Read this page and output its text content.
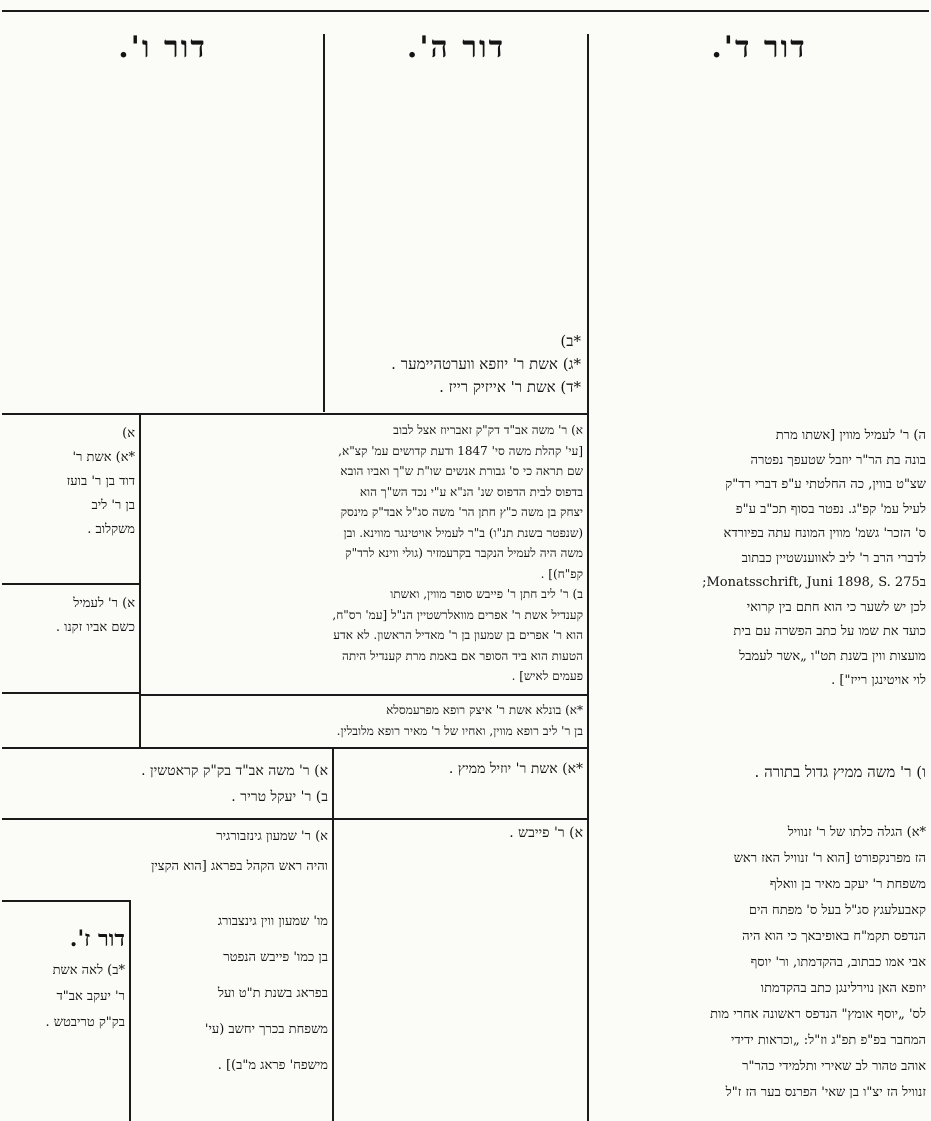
דור ד'.
דור ה'.
דור ו'.
*ב)
*ג) אשת ר' יוזפא ווערטהיימער .
*ד) אשת ר' אייזיק רייז .
ה) ר' לעמיל מווין [אשתו מרת
בונה בת הר"ר יוזבל שטעפך נפטרה
שצ"ט בווין, כה החלטתי ע"פ דברי רד"ק
לעיל עמ' קפ"ג. נפטר בסוף תכ"ב ע"פ
ס' הזכר' גשמ' מווין המונח עתה בפיורדא
לדברי הרב ר' ליב לאווענשטיין כבתוב
בMonatsschrift, Juni 1898, S. 275;
לכן יש לשער כי הוא חתם בין קרואי
כועד את שמו על כתב הפשרה עם בית
מועצות ווין בשנת תט"ו „אשר לעמבל
לוי אויטינגן רייז"] .
א) ר' משה אב"ד דק"ק זאבריוז אצל לבוב
[עי' קהלת משה סי' 1847 ודעת קדושים עמ' קצ"א,
שם תראה כי ס' גבורת אנשים שו"ת ש"ך ואביו הובא
בדפוס לבית הדפוס שנ' הנ"א ע"י נכד הש"ך הוא
יצחק בן משה כ"ץ חתן הר' משה סג"ל אבד"ק מינסק
(שנפטר בשנת תנ"ו) ב"ר לעמיל אויטינגר מווינא. ובן
משה היה לעמיל הנקבר בקרעמזיר (גולי ווינא לרד"ק
קפ"ח)] .
ב) ר' ליב חתן ר' פייבש סופר מווין, ואשתו
קענדיל אשת ר' אפרים מוואלרשטיין הנ"ל [עמ' רס"ח,
הוא ר' אפרים בן שמעון בן ר' מאדיל הראשון. לא אדע
הטעות הוא ביד הסופר אם באמת מרת קענדיל היתה
פעמים לאיש] .
*א) בונלא אשת ר' איצק רופא מפרעמסלא
בן ר' ליב רופא מווין, ואחיו של ר' מאיר רופא מלובלין.
א)
*א) אשת ר'
דוד בן ר' בועז
בן ר' ליב
משקלוב .
א) ר' לעמיל
כשם אביו זקנו .
ו) ר' משה ממיץ גדול בתורה .
*א) אשת ר' יוזיל ממיץ .
א) ר' משה אב"ד בק"ק קראטשין .
ב) ר' יעקל טריר .
*א) הגלה כלתו של ר' זנוויל
הז מפרנקפורט [הוא ר' זנוויל האז ראש
משפחת ר' יעקב מאיר בן וואלף
קאבעלעגץ סג"ל בעל ס' מפתח הים
הנדפס תקמ"ח באופיבאך כי הוא היה
אבי אמו כבתוב, בהקדמתו, ור' יוסף
יוזפא האן נוירלינגן כתב בהקדמתו
לס' „יוסף אומץ" הנדפס ראשונה אחרי מות
המחבר בפ"פ תפ"ג וז"ל: „וכראות ידידי
אוהב טהור לב שאירי ותלמידי כהר"ר
זנוויל הז יצ"ו בן שאי' הפרנס בער הז ז"ל
א) ר' פייבש .
א) ר' שמעון גינזבורגיר
והיה ראש הקהל בפראג [הוא הקצין
מו' שמעון ווין גינצבורג
בן כמו' פייבש הנפטר
בפראג בשנת ת"ט ועל
משפחת בכרך יחשב (עי'
מישפח' פראג מ"ב)] .
דור ז'.
*ב) לאה אשת
ר' יעקב אב"ד
בק"ק טריבטש .
